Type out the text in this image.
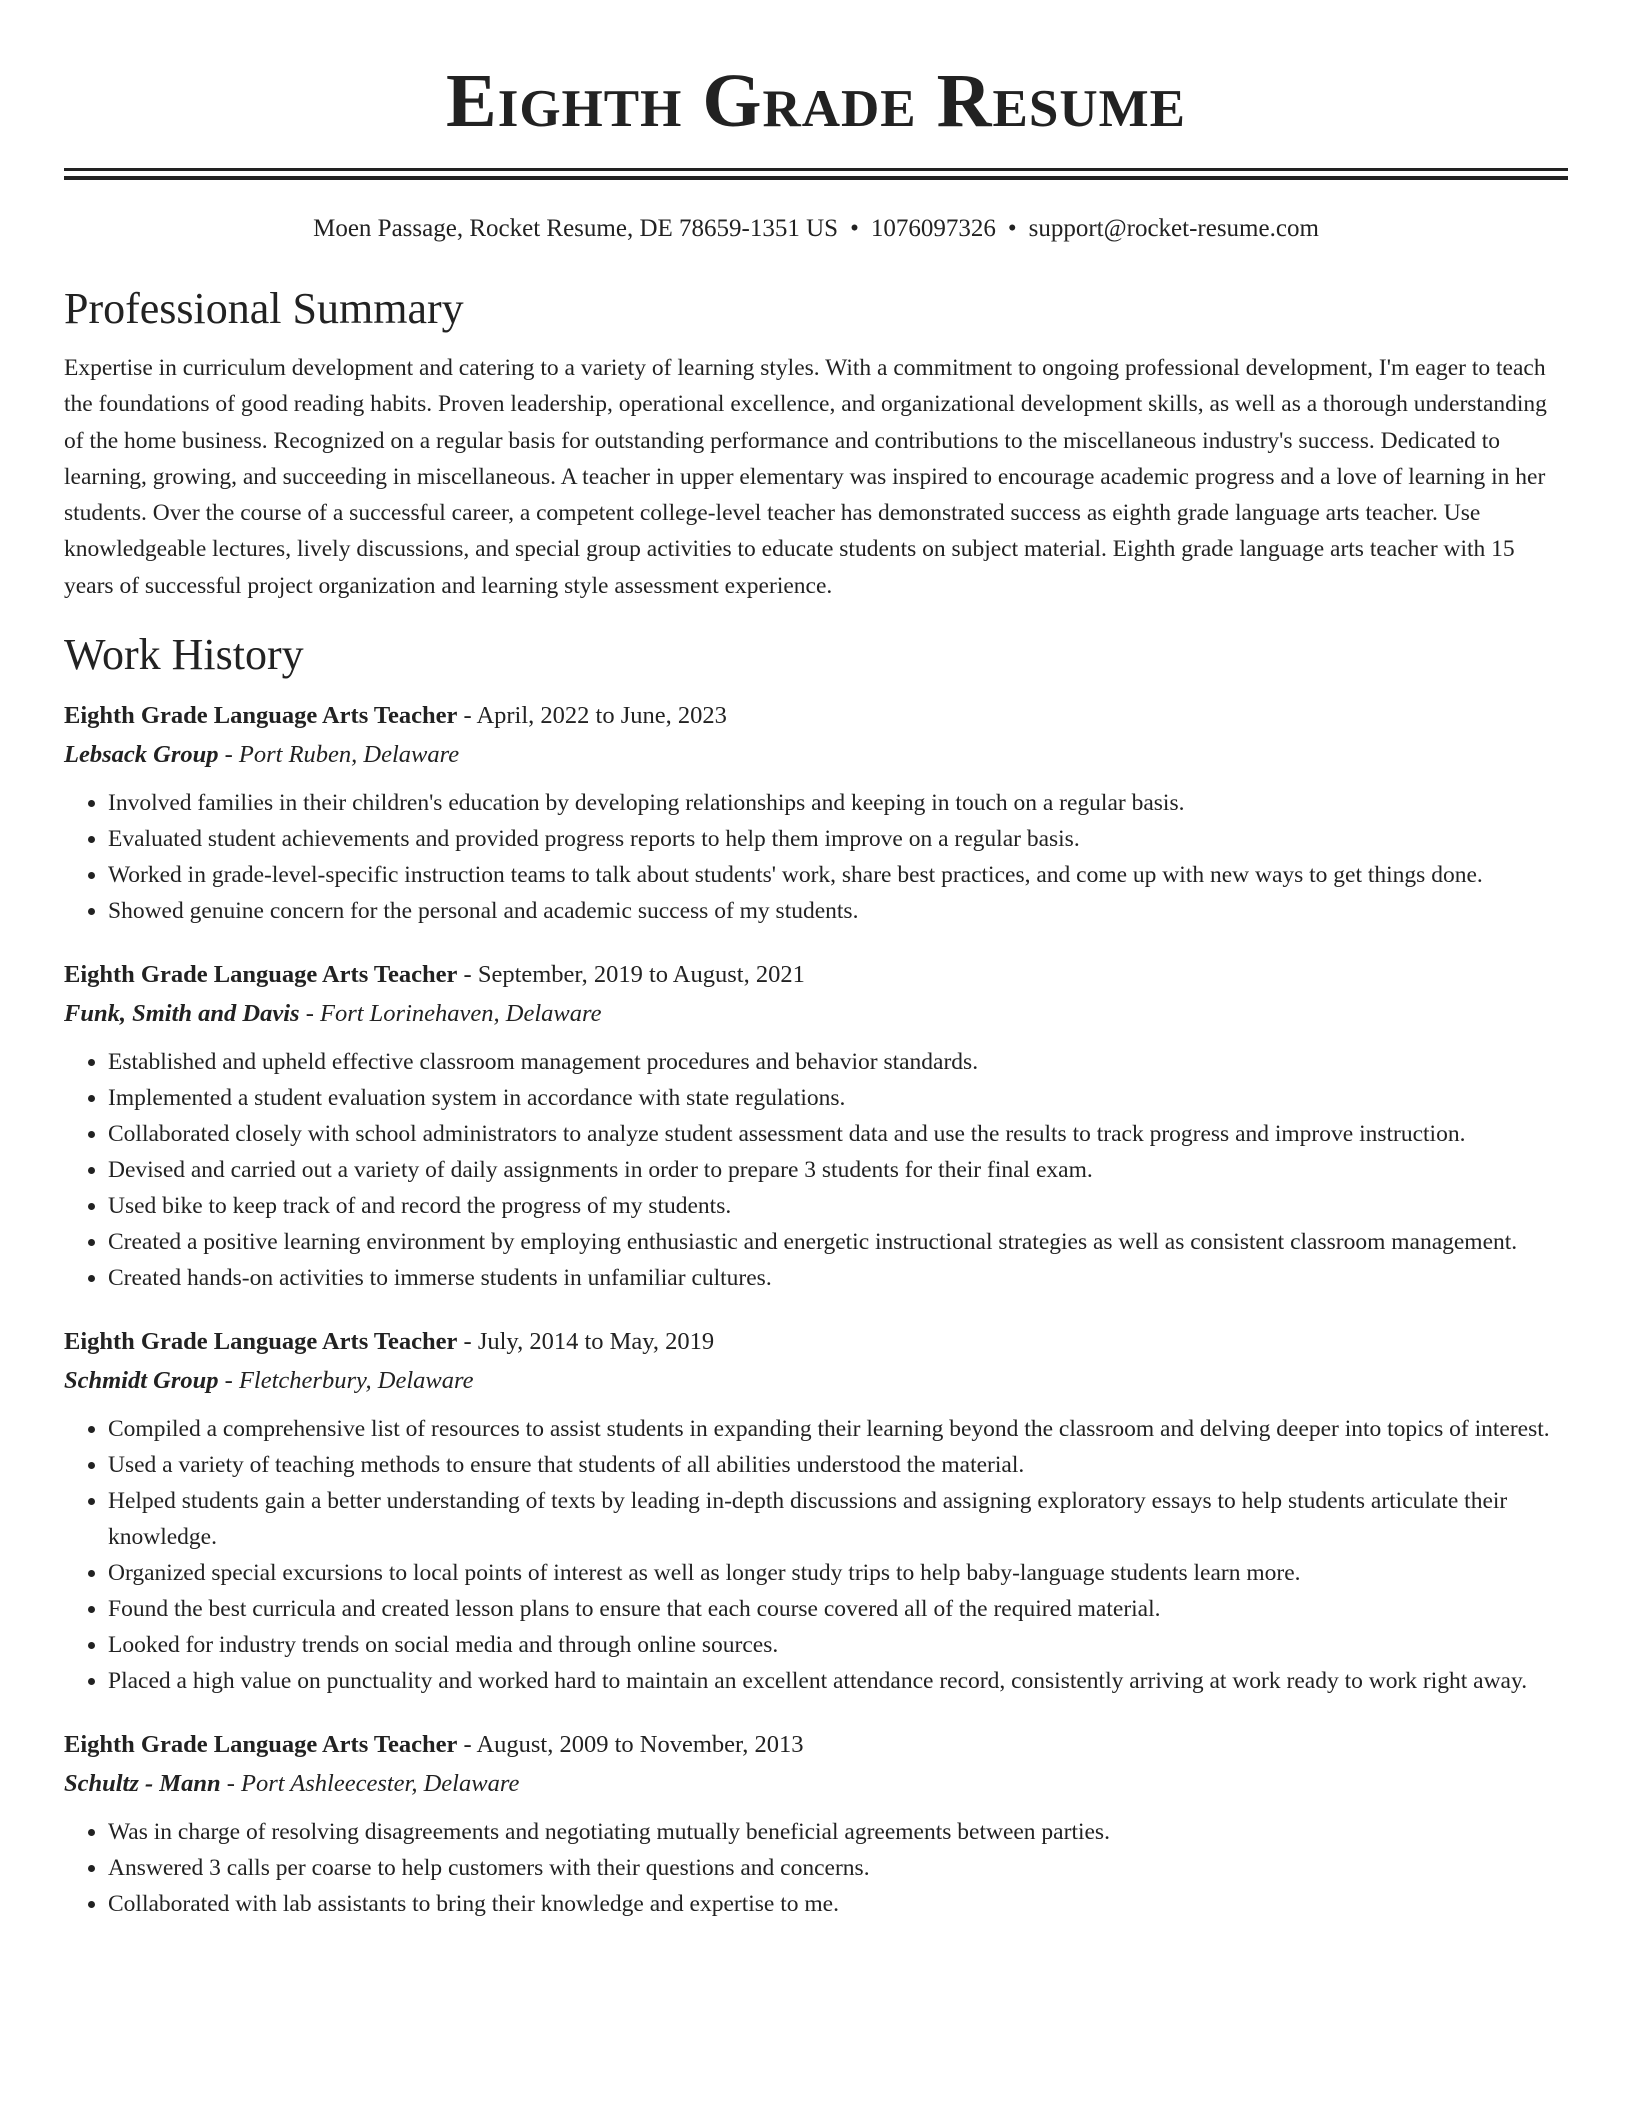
Eighth Grade Resume
Moen Passage, Rocket Resume, DE 78659-1351 US • 1076097326 • support@rocket-resume.com
Professional Summary

Expertise in curriculum development and catering to a variety of learning styles. With a commitment to ongoing professional development, I'm eager to teach the foundations of good reading habits. Proven leadership, operational excellence, and organizational development skills, as well as a thorough understanding of the home business. Recognized on a regular basis for outstanding performance and contributions to the miscellaneous industry's success. Dedicated to learning, growing, and succeeding in miscellaneous. A teacher in upper elementary was inspired to encourage academic progress and a love of learning in her students. Over the course of a successful career, a competent college-level teacher has demonstrated success as eighth grade language arts teacher. Use knowledgeable lectures, lively discussions, and special group activities to educate students on subject material. Eighth grade language arts teacher with 15 years of successful project organization and learning style assessment experience.

Work History
Eighth Grade Language Arts Teacher - April, 2022 to June, 2023
Lebsack Group - Port Ruben, Delaware
• Involved families in their children's education by developing relationships and keeping in touch on a regular basis.
• Evaluated student achievements and provided progress reports to help them improve on a regular basis.
• Worked in grade-level-specific instruction teams to talk about students' work, share best practices, and come up with new ways to get things done.
• Showed genuine concern for the personal and academic success of my students.
Eighth Grade Language Arts Teacher - September, 2019 to August, 2021
Funk, Smith and Davis - Fort Lorinehaven, Delaware
• Established and upheld effective classroom management procedures and behavior standards.
• Implemented a student evaluation system in accordance with state regulations.
• Collaborated closely with school administrators to analyze student assessment data and use the results to track progress and improve instruction.
• Devised and carried out a variety of daily assignments in order to prepare 3 students for their final exam.
• Used bike to keep track of and record the progress of my students.
• Created a positive learning environment by employing enthusiastic and energetic instructional strategies as well as consistent classroom management.
• Created hands-on activities to immerse students in unfamiliar cultures.
Eighth Grade Language Arts Teacher - July, 2014 to May, 2019
Schmidt Group - Fletcherbury, Delaware
• Compiled a comprehensive list of resources to assist students in expanding their learning beyond the classroom and delving deeper into topics of interest.
• Used a variety of teaching methods to ensure that students of all abilities understood the material.
• Helped students gain a better understanding of texts by leading in-depth discussions and assigning exploratory essays to help students articulate their knowledge.
• Organized special excursions to local points of interest as well as longer study trips to help baby-language students learn more.
• Found the best curricula and created lesson plans to ensure that each course covered all of the required material.
• Looked for industry trends on social media and through online sources.
• Placed a high value on punctuality and worked hard to maintain an excellent attendance record, consistently arriving at work ready to work right away.
Eighth Grade Language Arts Teacher - August, 2009 to November, 2013
Schultz - Mann - Port Ashleecester, Delaware
• Was in charge of resolving disagreements and negotiating mutually beneficial agreements between parties.
• Answered 3 calls per coarse to help customers with their questions and concerns.
• Collaborated with lab assistants to bring their knowledge and expertise to me.
